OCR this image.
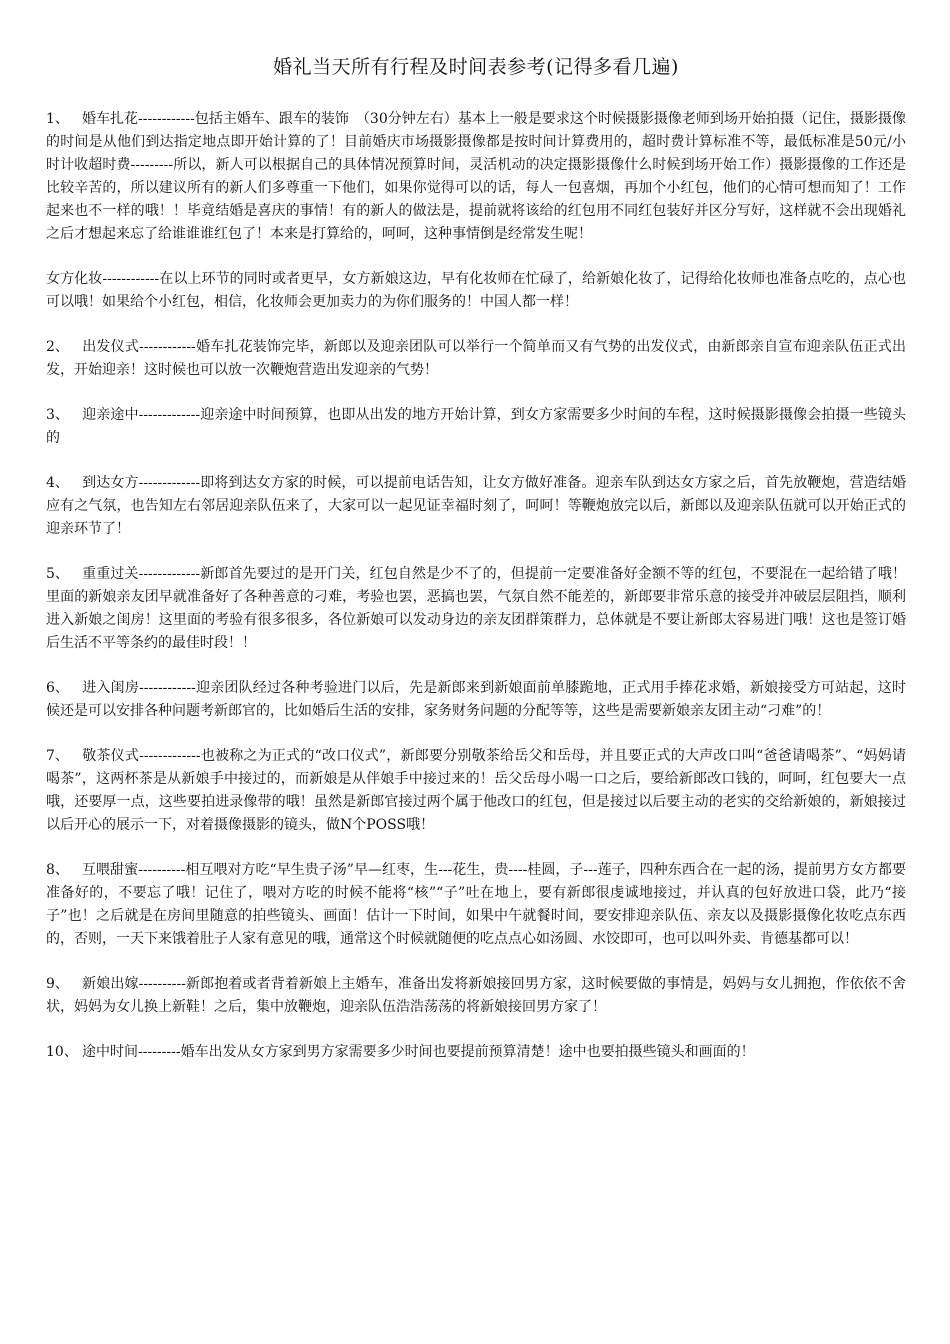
婚礼当天所有行程及时间表参考(记得多看几遍)

1、 婚车扎花------------包括主婚车、跟车的装饰　（30分钟左右）基本上一般是要求这个时候摄影摄像老师到场开始拍摄（记住，摄影摄像的时间是从他们到达指定地点即开始计算的了！目前婚庆市场摄影摄像都是按时间计算费用的，超时费计算标准不等，最低标准是50元/小时计收超时费---------所以，新人可以根据自己的具体情况预算时间，灵活机动的决定摄影摄像什么时候到场开始工作）摄影摄像的工作还是比较辛苦的，所以建议所有的新人们多尊重一下他们，如果你觉得可以的话，每人一包喜烟，再加个小红包，他们的心情可想而知了！工作起来也不一样的哦！！毕竟结婚是喜庆的事情！有的新人的做法是，提前就将该给的红包用不同红包装好并区分写好，这样就不会出现婚礼之后才想起来忘了给谁谁谁红包了！本来是打算给的，呵呵，这种事情倒是经常发生呢！

女方化妆------------在以上环节的同时或者更早，女方新娘这边，早有化妆师在忙碌了，给新娘化妆了，记得给化妆师也准备点吃的，点心也可以哦！如果给个小红包，相信，化妆师会更加卖力的为你们服务的！中国人都一样！

2、 出发仪式------------婚车扎花装饰完毕，新郎以及迎亲团队可以举行一个简单而又有气势的出发仪式，由新郎亲自宣布迎亲队伍正式出发，开始迎亲！这时候也可以放一次鞭炮营造出发迎亲的气势！

3、 迎亲途中-------------迎亲途中时间预算，也即从出发的地方开始计算，到女方家需要多少时间的车程，这时候摄影摄像会拍摄一些镜头的

4、 到达女方-------------即将到达女方家的时候，可以提前电话告知，让女方做好准备。迎亲车队到达女方家之后，首先放鞭炮，营造结婚应有之气氛，也告知左右邻居迎亲队伍来了，大家可以一起见证幸福时刻了，呵呵！等鞭炮放完以后，新郎以及迎亲队伍就可以开始正式的迎亲环节了！

5、 重重过关-------------新郎首先要过的是开门关，红包自然是少不了的，但提前一定要准备好金额不等的红包，不要混在一起给错了哦！里面的新娘亲友团早就准备好了各种善意的刁难，考验也罢，恶搞也罢，气氛自然不能差的，新郎要非常乐意的接受并冲破层层阻挡，顺利进入新娘之闺房！这里面的考验有很多很多，各位新娘可以发动身边的亲友团群策群力，总体就是不要让新郎太容易进门哦！这也是签订婚后生活不平等条约的最佳时段！！

6、 进入闺房------------迎亲团队经过各种考验进门以后，先是新郎来到新娘面前单膝跪地，正式用手捧花求婚，新娘接受方可站起，这时候还是可以安排各种问题考新郎官的，比如婚后生活的安排，家务财务问题的分配等等，这些是需要新娘亲友团主动“刁难”的！

7、 敬茶仪式-------------也被称之为正式的“改口仪式”，新郎要分别敬茶给岳父和岳母，并且要正式的大声改口叫“爸爸请喝茶”、“妈妈请喝茶”，这两杯茶是从新娘手中接过的，而新娘是从伴娘手中接过来的！岳父岳母小喝一口之后，要给新郎改口钱的，呵呵，红包要大一点哦，还要厚一点，这些要拍进录像带的哦！虽然是新郎官接过两个属于他改口的红包，但是接过以后要主动的老实的交给新娘的，新娘接过以后开心的展示一下，对着摄像摄影的镜头，做N个POSS哦！

8、 互喂甜蜜----------相互喂对方吃“早生贵子汤”早—红枣，生---花生，贵----桂圆，子---莲子，四种东西合在一起的汤，提前男方女方都要准备好的，不要忘了哦！记住了，喂对方吃的时候不能将“核”“子”吐在地上，要有新郎很虔诚地接过，并认真的包好放进口袋，此乃“接子”也！之后就是在房间里随意的拍些镜头、画面！估计一下时间，如果中午就餐时间，要安排迎亲队伍、亲友以及摄影摄像化妆吃点东西的，否则，一天下来饿着肚子人家有意见的哦，通常这个时候就随便的吃点点心如汤圆、水饺即可，也可以叫外卖、肯德基都可以！

9、 新娘出嫁----------新郎抱着或者背着新娘上主婚车，准备出发将新娘接回男方家，这时候要做的事情是，妈妈与女儿拥抱，作依依不舍状，妈妈为女儿换上新鞋！之后，集中放鞭炮，迎亲队伍浩浩荡荡的将新娘接回男方家了！

10、 途中时间---------婚车出发从女方家到男方家需要多少时间也要提前预算清楚！途中也要拍摄些镜头和画面的！
